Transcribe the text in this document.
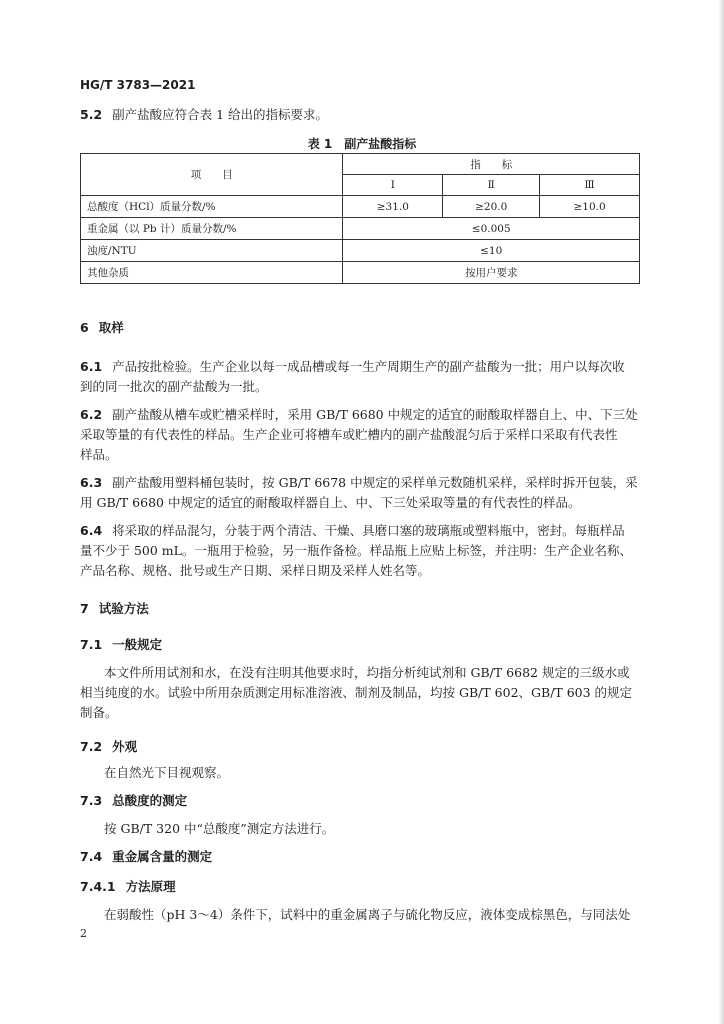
HG/T 3783—2021
5.2 副产盐酸应符合表 1 给出的指标要求。
表 1　副产盐酸指标
项　　目	指　　标		
	Ⅰ	Ⅱ	Ⅲ
总酸度（HCl）质量分数/%	≥31.0	≥20.0	≥10.0
重金属（以 Pb 计）质量分数/%	≤0.005		
浊度/NTU	≤10		
其他杂质	按用户要求		
6 取样
6.1 产品按批检验。生产企业以每一成品槽或每一生产周期生产的副产盐酸为一批；用户以每次收
到的同一批次的副产盐酸为一批。
6.2 副产盐酸从槽车或贮槽采样时，采用 GB/T 6680 中规定的适宜的耐酸取样器自上、中、下三处
采取等量的有代表性的样品。生产企业可将槽车或贮槽内的副产盐酸混匀后于采样口采取有代表性
样品。
6.3 副产盐酸用塑料桶包装时，按 GB/T 6678 中规定的采样单元数随机采样，采样时拆开包装，采
用 GB/T 6680 中规定的适宜的耐酸取样器自上、中、下三处采取等量的有代表性的样品。
6.4 将采取的样品混匀，分装于两个清洁、干燥、具磨口塞的玻璃瓶或塑料瓶中，密封。每瓶样品
量不少于 500 mL。一瓶用于检验，另一瓶作备检。样品瓶上应贴上标签，并注明：生产企业名称、
产品名称、规格、批号或生产日期、采样日期及采样人姓名等。
7 试验方法
7.1 一般规定
本文件所用试剂和水，在没有注明其他要求时，均指分析纯试剂和 GB/T 6682 规定的三级水或
相当纯度的水。试验中所用杂质测定用标准溶液、制剂及制品，均按 GB/T 602、GB/T 603 的规定
制备。
7.2 外观
在自然光下目视观察。
7.3 总酸度的测定
按 GB/T 320 中“总酸度”测定方法进行。
7.4 重金属含量的测定
7.4.1 方法原理
在弱酸性（pH 3～4）条件下，试料中的重金属离子与硫化物反应，液体变成棕黑色，与同法处
2
